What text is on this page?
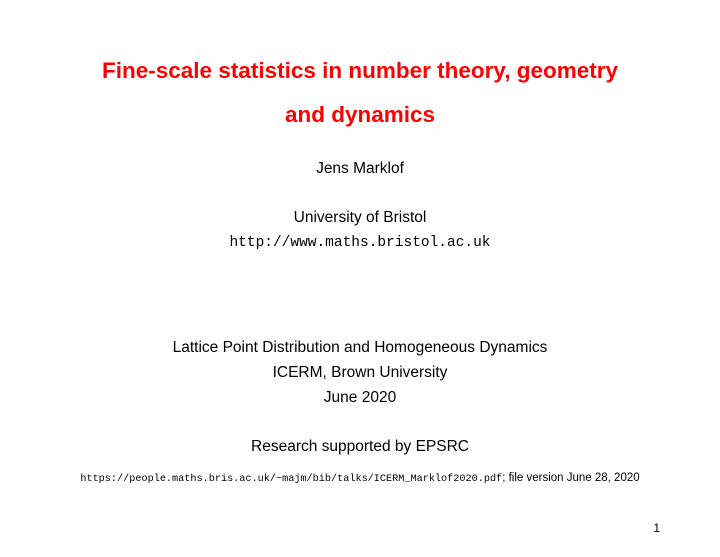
Fine-scale statistics in number theory, geometry
and dynamics
Jens Marklof
University of Bristol
http://www.maths.bristol.ac.uk
Lattice Point Distribution and Homogeneous Dynamics
ICERM, Brown University
June 2020
Research supported by EPSRC
https://people.maths.bris.ac.uk/~majm/bib/talks/ICERM_Marklof2020.pdf; file version June 28, 2020
1
